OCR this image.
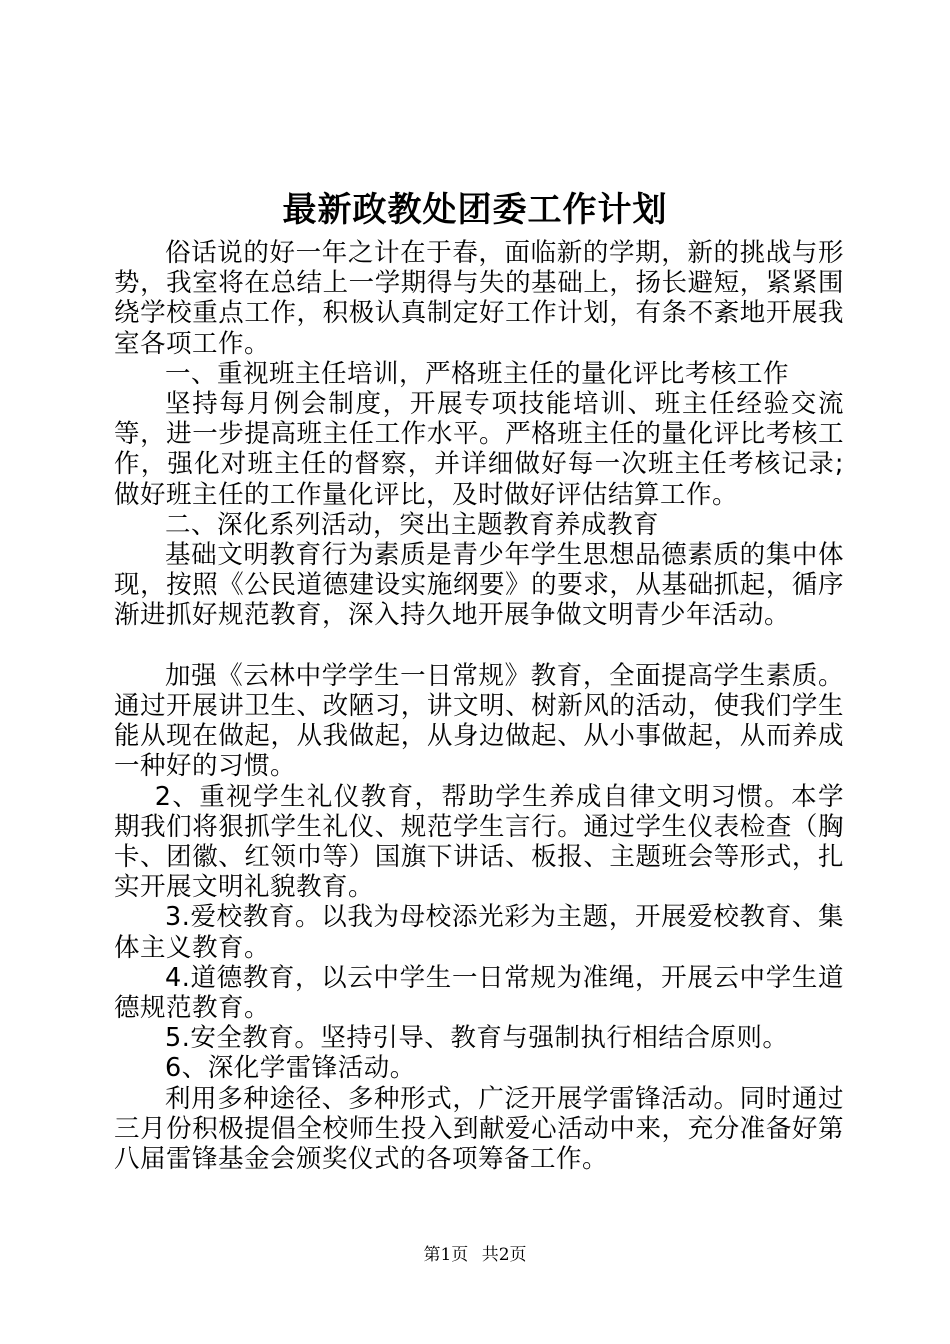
最新政教处团委工作计划

俗话说的好一年之计在于春，面临新的学期，新的挑战与形势，我室将在总结上一学期得与失的基础上，扬长避短，紧紧围绕学校重点工作，积极认真制定好工作计划，有条不紊地开展我室各项工作。

一、重视班主任培训，严格班主任的量化评比考核工作

坚持每月例会制度，开展专项技能培训、班主任经验交流等，进一步提高班主任工作水平。严格班主任的量化评比考核工作，强化对班主任的督察，并详细做好每一次班主任考核记录;做好班主任的工作量化评比，及时做好评估结算工作。

二、深化系列活动，突出主题教育养成教育

基础文明教育行为素质是青少年学生思想品德素质的集中体现，按照《公民道德建设实施纲要》的要求，从基础抓起，循序渐进抓好规范教育，深入持久地开展争做文明青少年活动。

加强《云林中学学生一日常规》教育，全面提高学生素质。通过开展讲卫生、改陋习，讲文明、树新风的活动，使我们学生能从现在做起，从我做起，从身边做起、从小事做起，从而养成一种好的习惯。

2、重视学生礼仪教育，帮助学生养成自律文明习惯。本学期我们将狠抓学生礼仪、规范学生言行。通过学生仪表检查（胸卡、团徽、红领巾等）国旗下讲话、板报、主题班会等形式，扎实开展文明礼貌教育。

3.爱校教育。以我为母校添光彩为主题，开展爱校教育、集体主义教育。

4.道德教育，以云中学生一日常规为准绳，开展云中学生道德规范教育。

5.安全教育。坚持引导、教育与强制执行相结合原则。

6、深化学雷锋活动。

利用多种途径、多种形式，广泛开展学雷锋活动。同时通过三月份积极提倡全校师生投入到献爱心活动中来，充分准备好第八届雷锋基金会颁奖仪式的各项筹备工作。

第1页 共2页
